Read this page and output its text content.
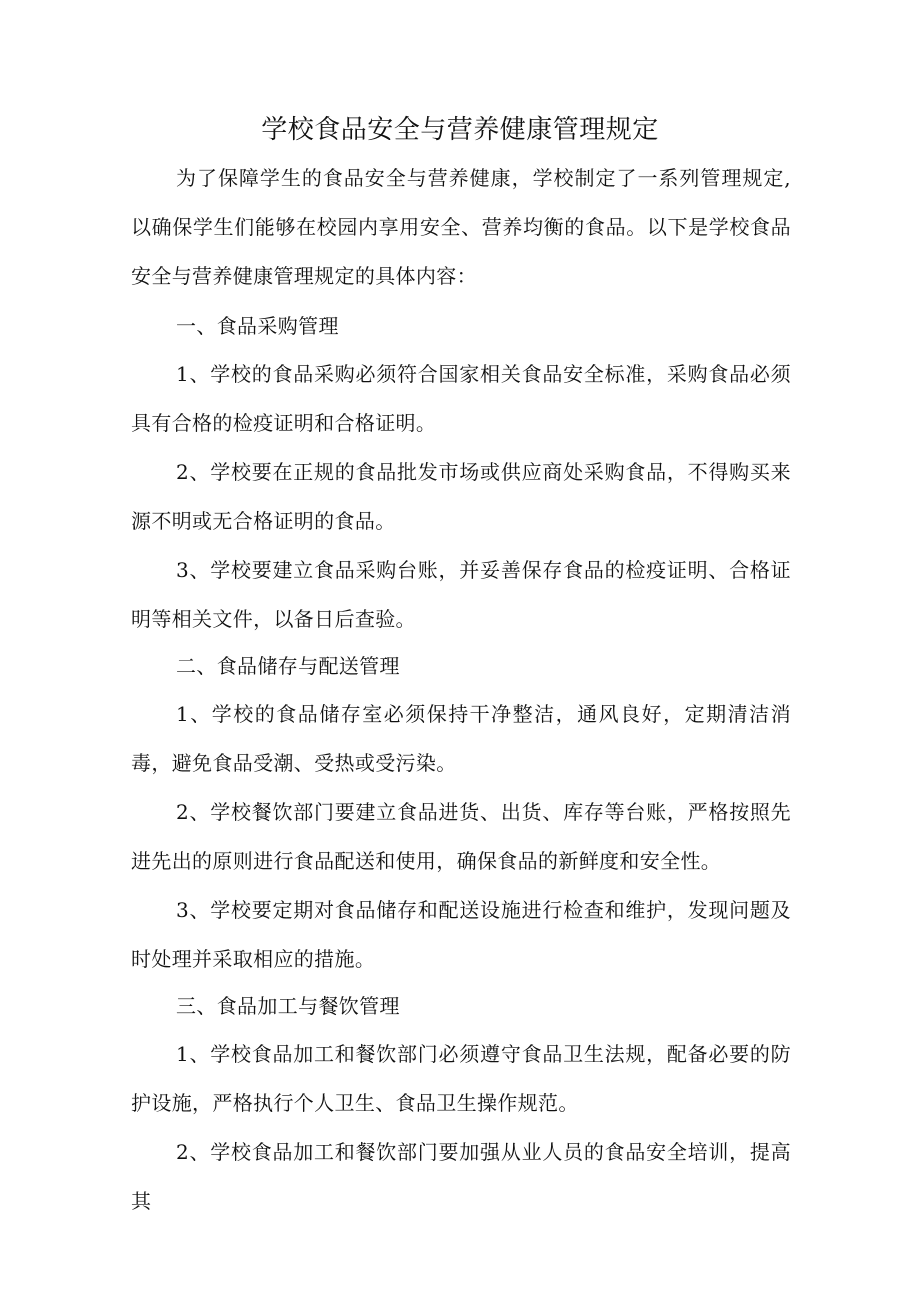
学校食品安全与营养健康管理规定

为了保障学生的食品安全与营养健康，学校制定了一系列管理规定,以确保学生们能够在校园内享用安全、营养均衡的食品。以下是学校食品安全与营养健康管理规定的具体内容：

一、食品采购管理

1、学校的食品采购必须符合国家相关食品安全标准，采购食品必须具有合格的检疫证明和合格证明。

2、学校要在正规的食品批发市场或供应商处采购食品，不得购买来源不明或无合格证明的食品。

3、学校要建立食品采购台账，并妥善保存食品的检疫证明、合格证明等相关文件，以备日后查验。

二、食品储存与配送管理

1、学校的食品储存室必须保持干净整洁，通风良好，定期清洁消毒，避免食品受潮、受热或受污染。

2、学校餐饮部门要建立食品进货、出货、库存等台账，严格按照先进先出的原则进行食品配送和使用，确保食品的新鲜度和安全性。

3、学校要定期对食品储存和配送设施进行检查和维护，发现问题及时处理并采取相应的措施。

三、食品加工与餐饮管理

1、学校食品加工和餐饮部门必须遵守食品卫生法规，配备必要的防护设施，严格执行个人卫生、食品卫生操作规范。

2、学校食品加工和餐饮部门要加强从业人员的食品安全培训，提高其
